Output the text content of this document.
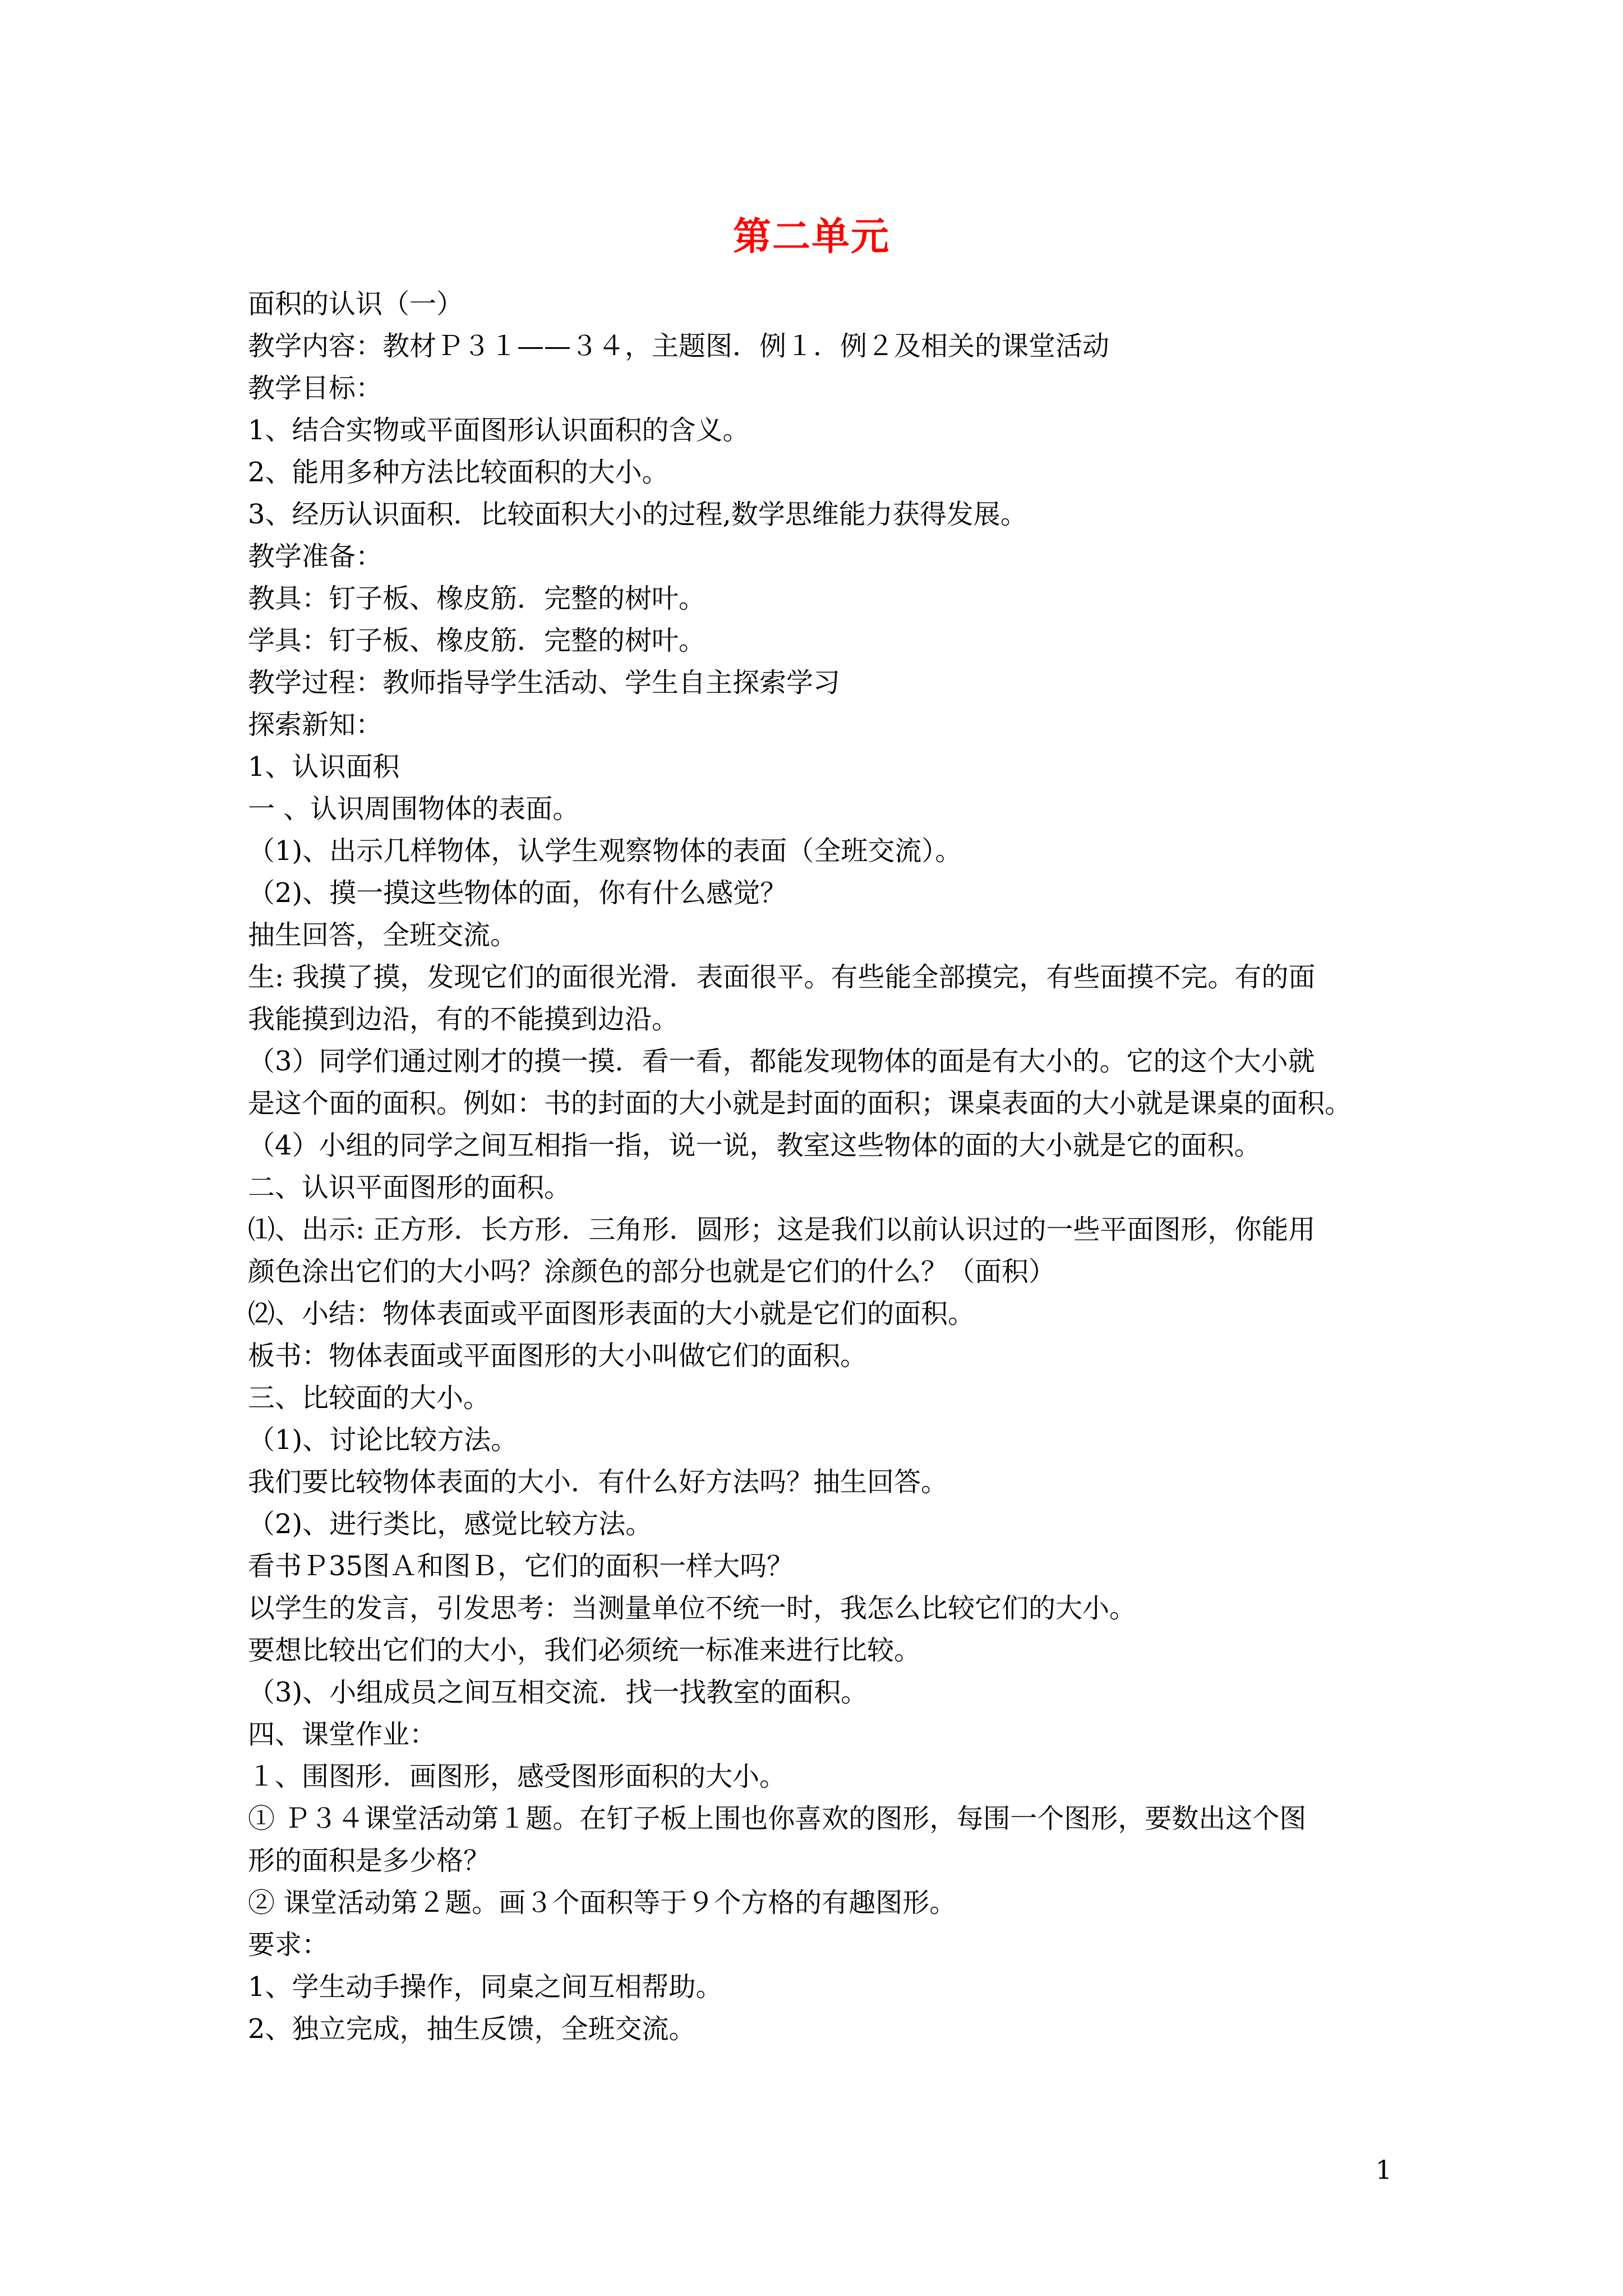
第二单元
面积的认识（一）
教学内容：教材Ｐ３１——３４，主题图．例１．例２及相关的课堂活动
教学目标：
1、结合实物或平面图形认识面积的含义。
2、能用多种方法比较面积的大小。
3、经历认识面积．比较面积大小的过程,数学思维能力获得发展。
教学准备：
教具：钉子板、橡皮筋．完整的树叶。
学具：钉子板、橡皮筋．完整的树叶。
教学过程：教师指导学生活动、学生自主探索学习
探索新知：
1、认识面积
一 、认识周围物体的表面。
（1)、出示几样物体，认学生观察物体的表面（全班交流）。
（2)、摸一摸这些物体的面，你有什么感觉？
抽生回答，全班交流。
生: 我摸了摸，发现它们的面很光滑．表面很平。有些能全部摸完，有些面摸不完。有的面
我能摸到边沿，有的不能摸到边沿。
（3）同学们通过刚才的摸一摸．看一看，都能发现物体的面是有大小的。它的这个大小就
是这个面的面积。例如：书的封面的大小就是封面的面积；课桌表面的大小就是课桌的面积。
（4）小组的同学之间互相指一指，说一说，教室这些物体的面的大小就是它的面积。
二、认识平面图形的面积。
⑴、出示: 正方形．长方形．三角形．圆形；这是我们以前认识过的一些平面图形，你能用
颜色涂出它们的大小吗？涂颜色的部分也就是它们的什么？（面积）
⑵、小结：物体表面或平面图形表面的大小就是它们的面积。
板书：物体表面或平面图形的大小叫做它们的面积。
三、比较面的大小。
（1)、讨论比较方法。
我们要比较物体表面的大小．有什么好方法吗？抽生回答。
（2)、进行类比，感觉比较方法。
看书Ｐ35图Ａ和图Ｂ，它们的面积一样大吗？
以学生的发言，引发思考：当测量单位不统一时，我怎么比较它们的大小。
要想比较出它们的大小，我们必须统一标准来进行比较。
（3)、小组成员之间互相交流．找一找教室的面积。
四、课堂作业：
１、围图形．画图形，感受图形面积的大小。
① Ｐ３４课堂活动第１题。在钉子板上围也你喜欢的图形，每围一个图形，要数出这个图
形的面积是多少格？
② 课堂活动第２题。画３个面积等于９个方格的有趣图形。
要求：
1、学生动手操作，同桌之间互相帮助。
2、独立完成，抽生反馈，全班交流。
1
